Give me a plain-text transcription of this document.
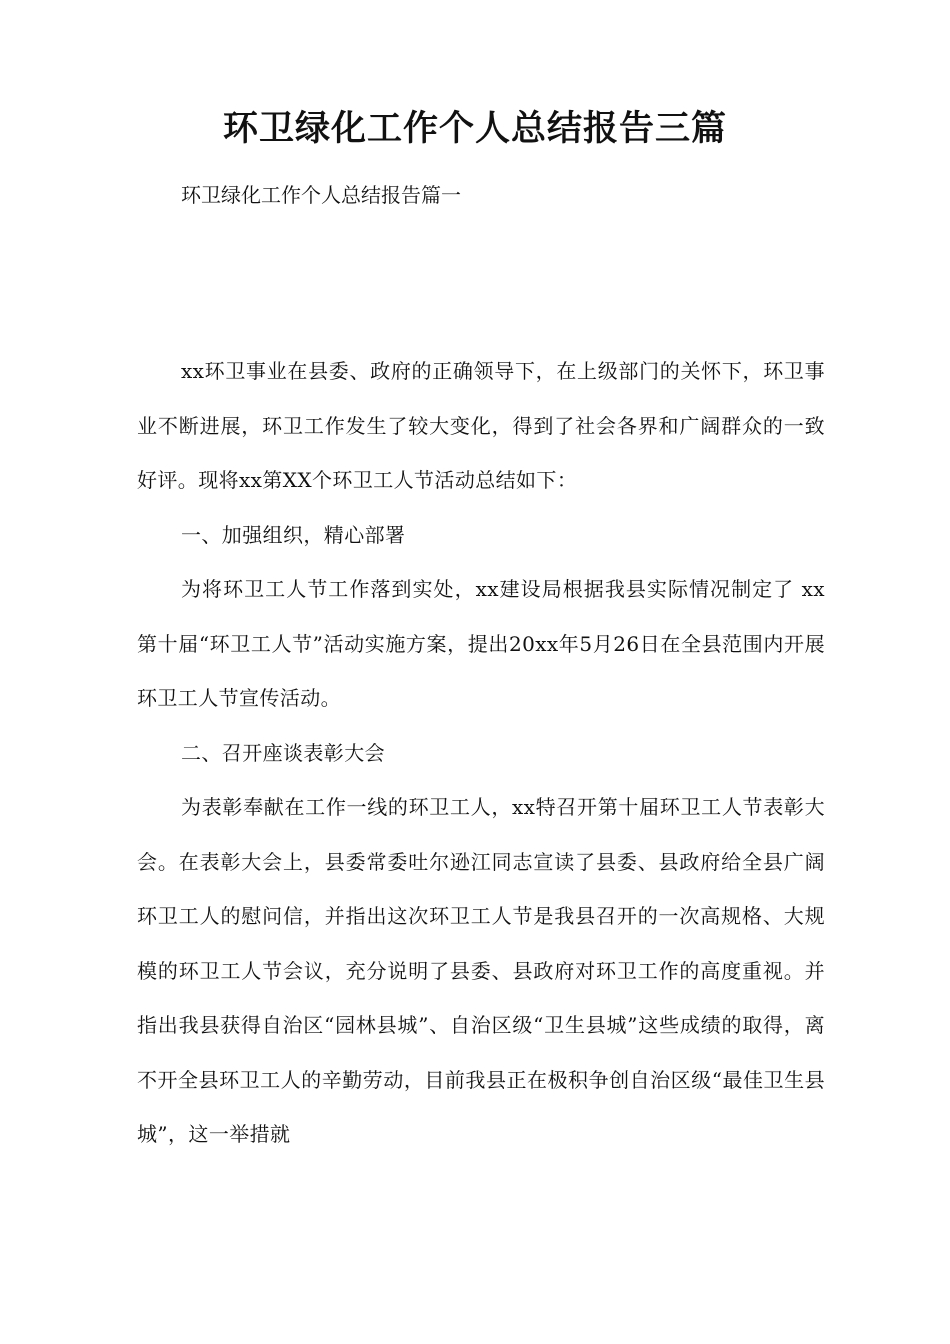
环卫绿化工作个人总结报告三篇

环卫绿化工作个人总结报告篇一

xx环卫事业在县委、政府的正确领导下，在上级部门的关怀下，环卫事业不断进展，环卫工作发生了较大变化，得到了社会各界和广阔群众的一致好评。现将xx第XX个环卫工人节活动总结如下：

一、加强组织，精心部署

为将环卫工人节工作落到实处，xx建设局根据我县实际情况制定了 xx第十届“环卫工人节”活动实施方案，提出20xx年5月26日在全县范围内开展环卫工人节宣传活动。

二、召开座谈表彰大会

为表彰奉献在工作一线的环卫工人，xx特召开第十届环卫工人节表彰大会。在表彰大会上，县委常委吐尔逊江同志宣读了县委、县政府给全县广阔环卫工人的慰问信，并指出这次环卫工人节是我县召开的一次高规格、大规模的环卫工人节会议，充分说明了县委、县政府对环卫工作的高度重视。并指出我县获得自治区“园林县城”、自治区级“卫生县城”这些成绩的取得，离不开全县环卫工人的辛勤劳动，目前我县正在极积争创自治区级“最佳卫生县城”，这一举措就
